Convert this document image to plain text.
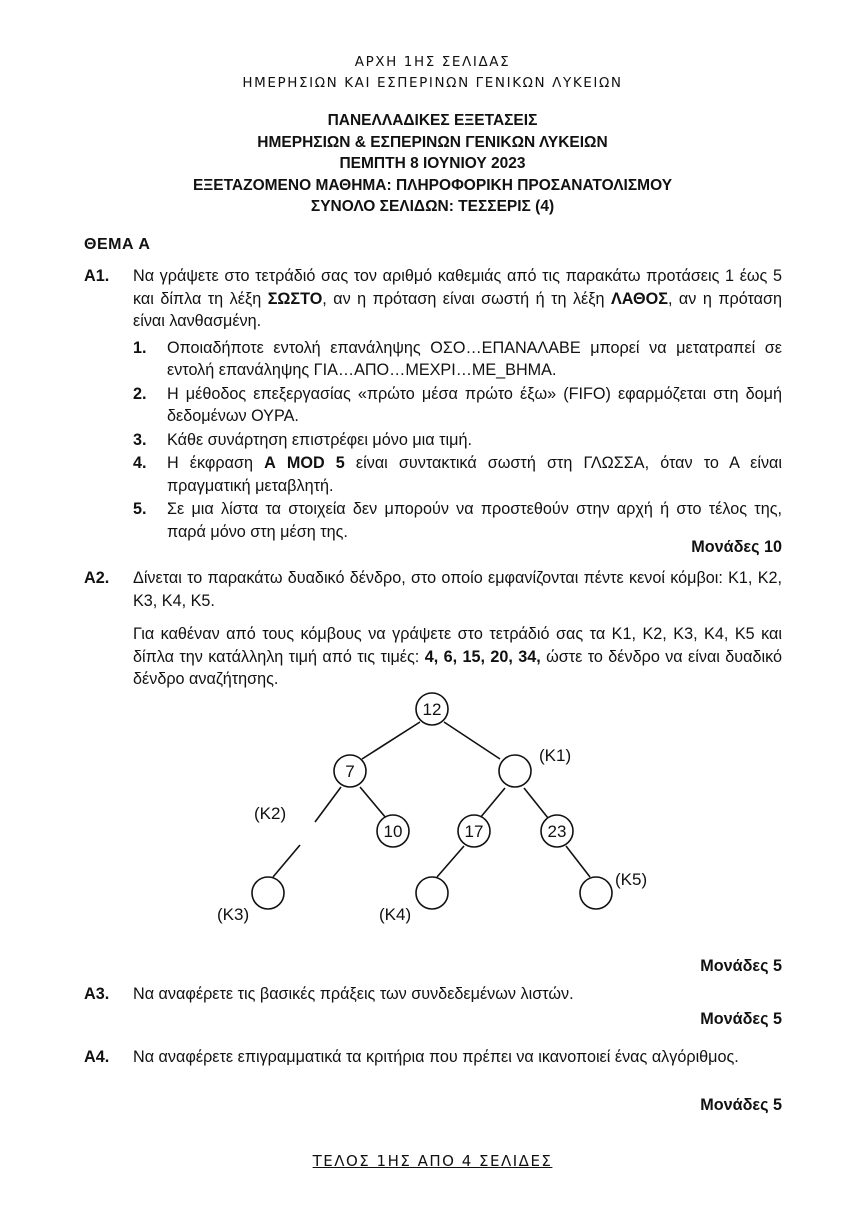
ΑΡΧΗ 1ΗΣ ΣΕΛΙΔΑΣ
ΗΜΕΡΗΣΙΩΝ ΚΑΙ ΕΣΠΕΡΙΝΩΝ ΓΕΝΙΚΩΝ ΛΥΚΕΙΩΝ
ΠΑΝΕΛΛΑΔΙΚΕΣ ΕΞΕΤΑΣΕΙΣ
ΗΜΕΡΗΣΙΩΝ & ΕΣΠΕΡΙΝΩΝ ΓΕΝΙΚΩΝ ΛΥΚΕΙΩΝ
ΠΕΜΠΤΗ 8 ΙΟΥΝΙΟΥ 2023
ΕΞΕΤΑΖΟΜΕΝΟ ΜΑΘΗΜΑ: ΠΛΗΡΟΦΟΡΙΚΗ ΠΡΟΣΑΝΑΤΟΛΙΣΜΟΥ
ΣΥΝΟΛΟ ΣΕΛΙΔΩΝ: ΤΕΣΣΕΡΙΣ (4)
ΘΕΜΑ Α
Α1. Να γράψετε στο τετράδιό σας τον αριθμό καθεμιάς από τις παρακάτω προτάσεις 1 έως 5 και δίπλα τη λέξη ΣΩΣΤΟ, αν η πρόταση είναι σωστή ή τη λέξη ΛΑΘΟΣ, αν η πρόταση είναι λανθασμένη.

1. Οποιαδήποτε εντολή επανάληψης ΟΣΟ…ΕΠΑΝΑΛΑΒΕ μπορεί να μετατραπεί σε εντολή επανάληψης ΓΙΑ…ΑΠΟ…ΜΕΧΡΙ…ΜΕ_ΒΗΜΑ.
2. Η μέθοδος επεξεργασίας «πρώτο μέσα πρώτο έξω» (FIFO) εφαρμόζεται στη δομή δεδομένων ΟΥΡΑ.
3. Κάθε συνάρτηση επιστρέφει μόνο μια τιμή.
4. Η έκφραση Α MOD 5 είναι συντακτικά σωστή στη ΓΛΩΣΣΑ, όταν το Α είναι πραγματική μεταβλητή.
5. Σε μια λίστα τα στοιχεία δεν μπορούν να προστεθούν στην αρχή ή στο τέλος της, παρά μόνο στη μέση της.
Μονάδες 10
Α2. Δίνεται το παρακάτω δυαδικό δένδρο, στο οποίο εμφανίζονται πέντε κενοί κόμβοι: Κ1, Κ2, Κ3, Κ4, Κ5.

Για καθέναν από τους κόμβους να γράψετε στο τετράδιό σας τα Κ1, Κ2, Κ3, Κ4, Κ5 και δίπλα την κατάλληλη τιμή από τις τιμές: 4, 6, 15, 20, 34, ώστε το δένδρο να είναι δυαδικό δένδρο αναζήτησης.

12
7
10	17	23
(Κ1)
(Κ2)
(Κ3)	(Κ4)
(Κ5)
Μονάδες 5
Α3. Να αναφέρετε τις βασικές πράξεις των συνδεδεμένων λιστών.

Μονάδες 5
Α4. Να αναφέρετε επιγραμματικά τα κριτήρια που πρέπει να ικανοποιεί ένας αλγόριθμος.

Μονάδες 5
ΤΕΛΟΣ 1ΗΣ ΑΠΟ 4 ΣΕΛΙΔΕΣ
